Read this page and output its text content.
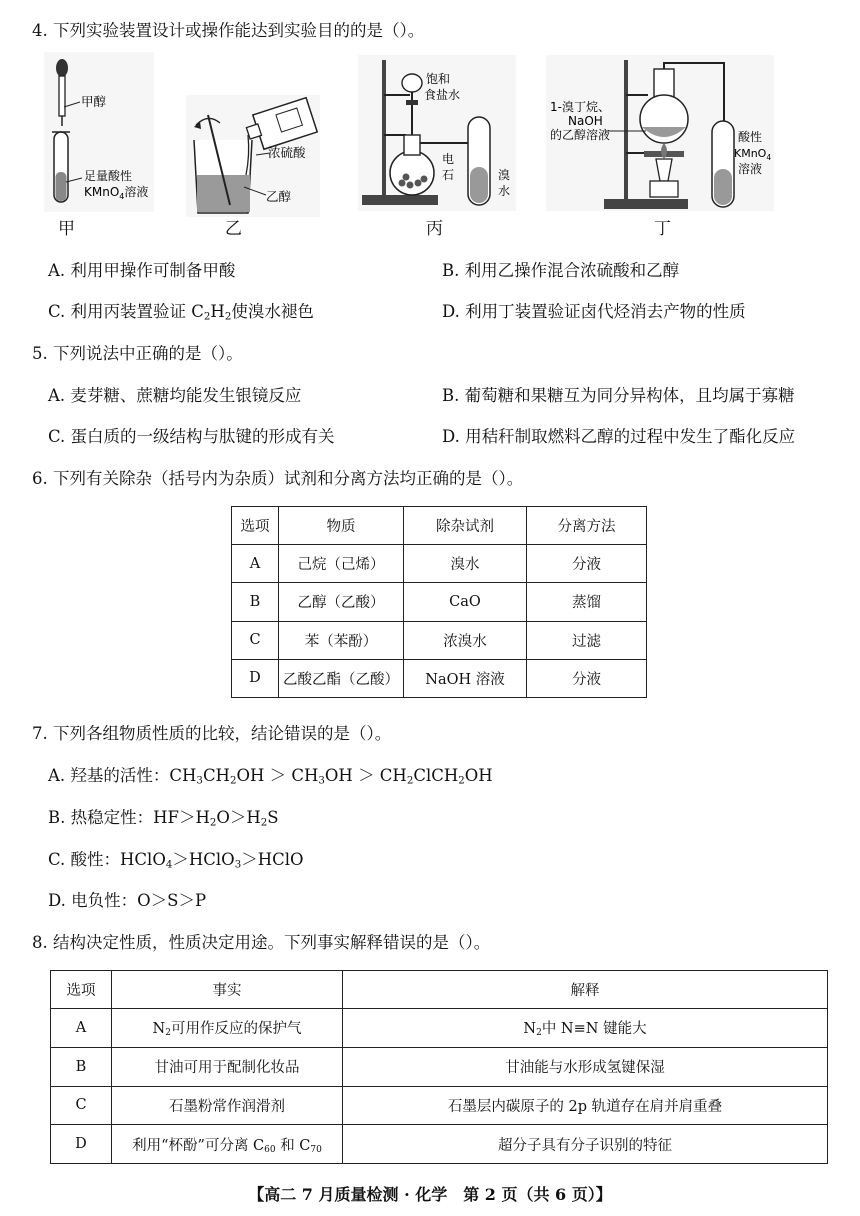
4. 下列实验装置设计或操作能达到实验目的的是（）。
甲醇
足量酸性
KMnO$_4$溶液
甲
浓硫酸
乙醇
乙
饱和
食盐水
电
石	溴
水
丙
1-溴丁烷、
NaOH
的乙醇溶液	酸性
KMnO$_4$
溶液
丁
A. 利用甲操作可制备甲酸	B. 利用乙操作混合浓硫酸和乙醇
C. 利用丙装置验证 $C_2H_2$使溴水褪色	D. 利用丁装置验证卤代烃消去产物的性质
5. 下列说法中正确的是（）。
A. 麦芽糖、蔗糖均能发生银镜反应	B. 葡萄糖和果糖互为同分异构体，且均属于寡糖
C. 蛋白质的一级结构与肽键的形成有关	D. 用秸秆制取燃料乙醇的过程中发生了酯化反应
6. 下列有关除杂（括号内为杂质）试剂和分离方法均正确的是（）。
选项	物质	除杂试剂	分离方法
A	己烷（己烯）	溴水	分液
B	乙醇（乙酸）	CaO	蒸馏
C	苯（苯酚）	浓溴水	过滤
D	乙酸乙酯（乙酸）	NaOH 溶液	分液
7. 下列各组物质性质的比较，结论错误的是（）。
A. 羟基的活性：$CH_3CH_2OH > CH_3OH$ ＞ $CH_2ClCH_2OH$
B. 热稳定性：$HF>H_2O>H_2S$
C. 酸性：HClO$_4$＞HClO$_3$＞HClO
D. 电负性：O＞S＞P
8. 结构决定性质，性质决定用途。下列事实解释错误的是（）。
选项	事实	解释
A	$N_2$可用作反应的保护气	$N_2$中 N≡N 键能大
B	甘油可用于配制化妆品	甘油能与水形成氢键保湿
C	石墨粉常作润滑剂	石墨层内碳原子的 2p 轨道存在肩并肩重叠
D	利用“杯酚”可分离 $C_{60}$ 和 $C_{70}$	超分子具有分子识别的特征
【高二 7 月质量检测 · 化学　第 2 页（共 6 页）】
